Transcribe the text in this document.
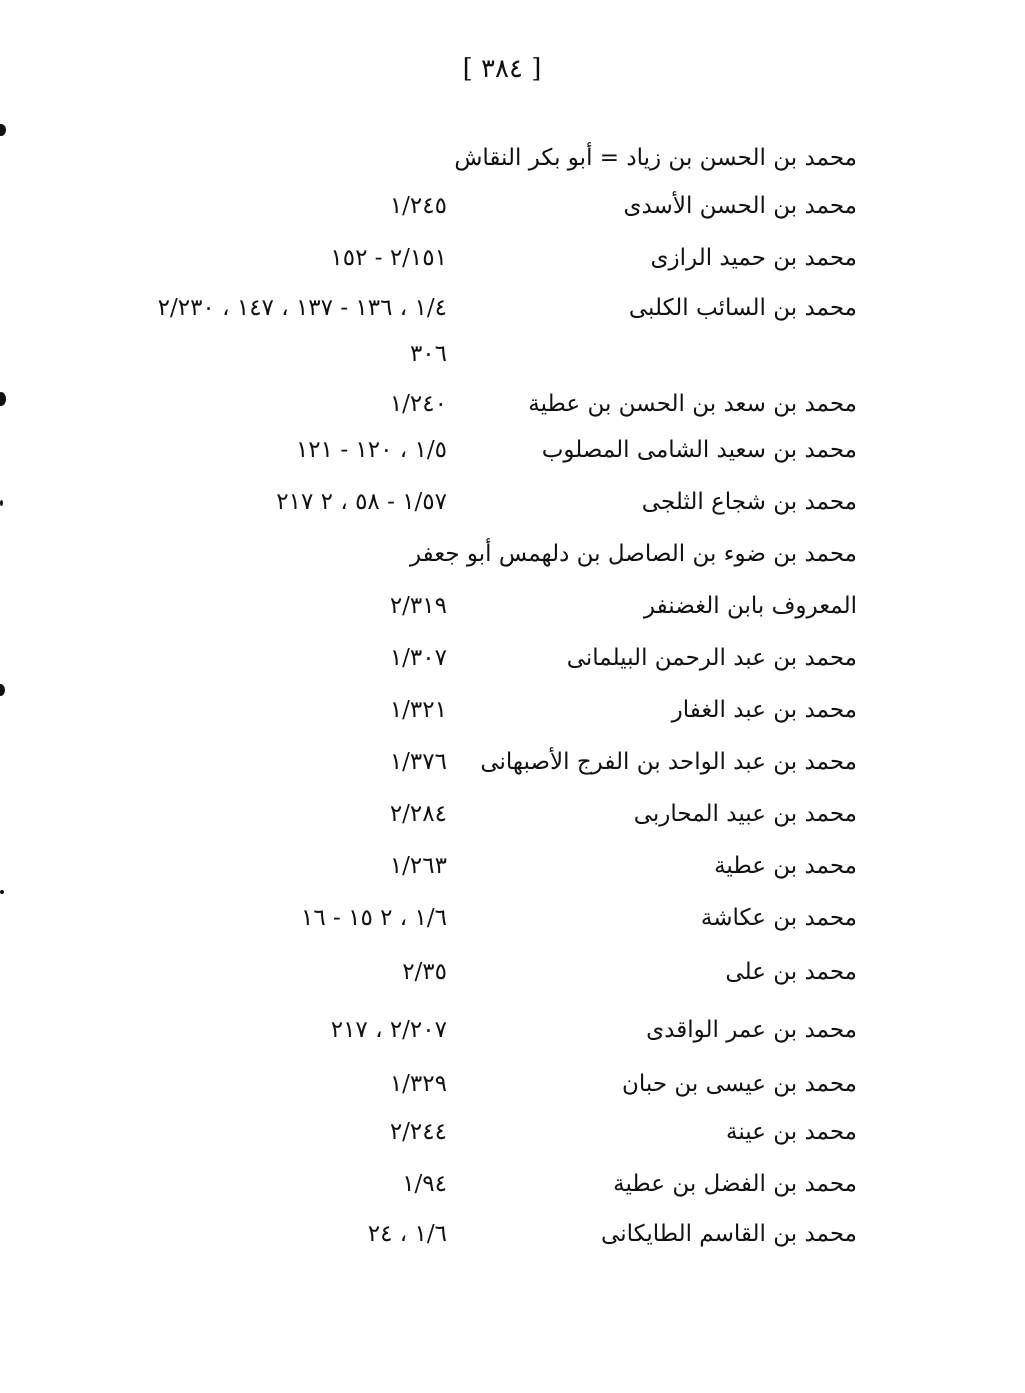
[ ٣٨٤ ]
محمد بن الحسن بن زياد = أبو بكر النقاش
محمد بن الحسن الأسدى
١/٢٤٥
محمد بن حميد الرازى
٢/١٥١ - ١٥٢
محمد بن السائب الكلبى
١/٤ ، ١٣٦ - ١٣٧ ، ١٤٧ ، ٢/٢٣٠
٣٠٦
محمد بن سعد بن الحسن بن عطية
١/٢٤٠
محمد بن سعيد الشامى المصلوب
١/٥ ، ١٢٠ - ١٢١
محمد بن شجاع الثلجى
١/٥٧ - ٥٨ ، ٢ ٢١٧
محمد بن ضوء بن الصاصل بن دلهمس أبو جعفر
المعروف بابن الغضنفر
٢/٣١٩
محمد بن عبد الرحمن البيلمانى
١/٣٠٧
محمد بن عبد الغفار
١/٣٢١
محمد بن عبد الواحد بن الفرج الأصبهانى
١/٣٧٦
محمد بن عبيد المحاربى
٢/٢٨٤
محمد بن عطية
١/٢٦٣
محمد بن عكاشة
١/٦ ، ٢ ١٥ - ١٦
محمد بن على
٢/٣٥
محمد بن عمر الواقدى
٢/٢٠٧ ، ٢١٧
محمد بن عيسى بن حبان
١/٣٢٩
محمد بن عينة
٢/٢٤٤
محمد بن الفضل بن عطية
١/٩٤
محمد بن القاسم الطايكانى
١/٦ ، ٢٤
